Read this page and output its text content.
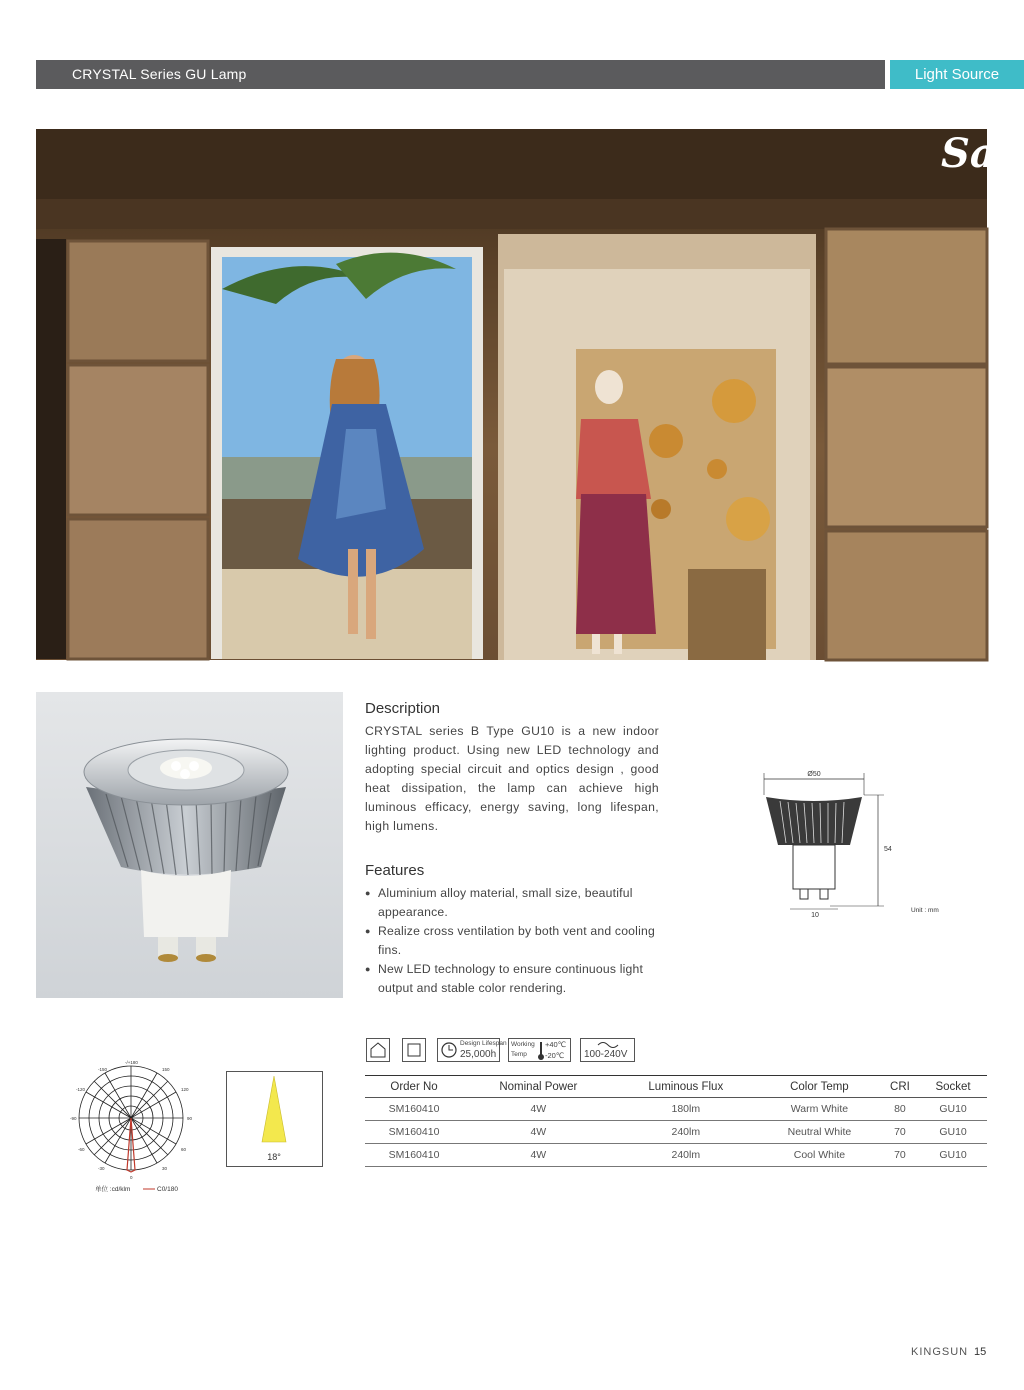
CRYSTAL Series GU Lamp	Light Source
Sa
Description
CRYSTAL series B Type GU10 is a new indoor lighting product. Using new LED technology and adopting special circuit and optics design , good heat dissipation, the lamp can achieve high luminous efficacy, energy saving, long lifespan, high lumens.
Features
● Aluminium alloy material, small size, beautiful appearance.
● Realize cross ventilation by both vent and cooling fins.
● New LED technology to ensure continuous light output and stable color rendering.
Ø50
54
10
Unit : mm
Design Lifespan
25,000h
Working
Temp
+40℃
-20℃ 100-240V
Order No	Nominal Power	Luminous Flux	Color Temp	CRI	Socket
SM160410	4W	180lm	Warm White	80	GU10
SM160410	4W	240lm	Neutral White	70	GU10
SM160410	4W	240lm	Cool White	70	GU10
-150
-/+180
150
-120	120
-90	90
-60	60
-30	30
0
单位 :cd/klm	C0/180
18°
KINGSUN 15
